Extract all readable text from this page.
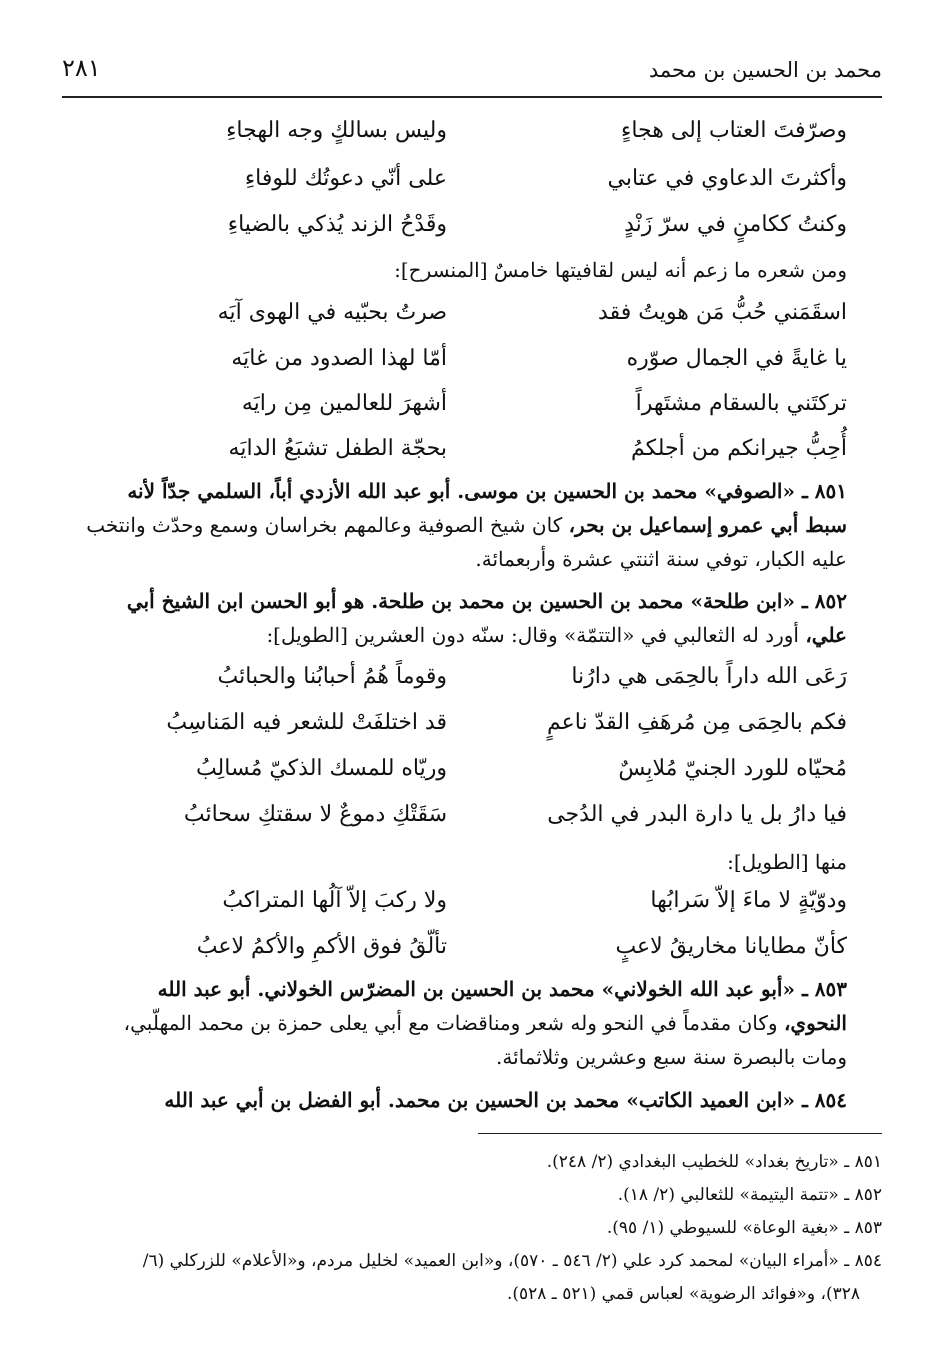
محمد بن الحسين بن محمد
٢٨١
وصرّفتَ العتاب إلى هجاءٍ
وليس بسالكٍ وجه الهجاءِ
وأكثرتَ الدعاوي في عتابي
على أنّي دعوتُك للوفاءِ
وكنتُ ككامنٍ في سرّ زَنْدٍ
وقَدْحُ الزند يُذكي بالضياءِ
ومن شعره ما زعم أنه ليس لقافيتها خامسٌ [المنسرح]:
اسقَمَني حُبُّ مَن هويتُ فقد
صرتُ بحبّيه في الهوى آيَه
يا غايةً في الجمال صوّره
أمّا لهذا الصدود من غايَه
تركتَني بالسقام مشتَهراً
أشهرَ للعالمين مِن رايَه
أُحِبُّ جيرانكم من أجلكمُ
بحجّة الطفل تشبَعُ الدايَه
٨٥١ ـ «الصوفي» محمد بن الحسين بن موسى. أبو عبد الله الأزدي أباً، السلمي جدّاً لأنه
سبط أبي عمرو إسماعيل بن بحر، كان شيخ الصوفية وعالمهم بخراسان وسمع وحدّث وانتخب
عليه الكبار، توفي سنة اثنتي عشرة وأربعمائة.
٨٥٢ ـ «ابن طلحة» محمد بن الحسين بن محمد بن طلحة. هو أبو الحسن ابن الشيخ أبي
علي، أورد له الثعالبي في «التتمّة» وقال: سنّه دون العشرين [الطويل]:
رَعَى الله داراً بالحِمَى هي دارُنا
وقوماً هُمُ أحبابُنا والحبائبُ
فكم بالحِمَى مِن مُرهَفِ القدّ ناعمٍ
قد اختلفَتْ للشعر فيه المَناسِبُ
مُحيّاه للورد الجنيّ مُلابِسٌ
وريّاه للمسك الذكيّ مُسالِبُ
فيا دارُ بل يا دارة البدر في الدُجى
سَقَتْكِ دموعٌ لا سقتكِ سحائبُ
منها [الطويل]:
ودوّيّةٍ لا ماءَ إلاّ سَرابُها
ولا ركبَ إلاّ آلُها المتراكبُ
كأنّ مطايانا مخاريقُ لاعبٍ
تألّقُ فوق الأكمِ والأكمُ لاعبُ
٨٥٣ ـ «أبو عبد الله الخولاني» محمد بن الحسين بن المضرّس الخولاني. أبو عبد الله
النحوي، وكان مقدماً في النحو وله شعر ومناقضات مع أبي يعلى حمزة بن محمد المهلّبي،
ومات بالبصرة سنة سبع وعشرين وثلاثمائة.
٨٥٤ ـ «ابن العميد الكاتب» محمد بن الحسين بن محمد. أبو الفضل بن أبي عبد الله
٨٥١ ـ «تاريخ بغداد» للخطيب البغدادي (٢/ ٢٤٨).
٨٥٢ ـ «تتمة اليتيمة» للثعالبي (٢/ ١٨).
٨٥٣ ـ «بغية الوعاة» للسيوطي (١/ ٩٥).
٨٥٤ ـ «أمراء البيان» لمحمد كرد علي (٢/ ٥٤٦ ـ ٥٧٠)، و«ابن العميد» لخليل مردم، و«الأعلام» للزركلي (٦/
٣٢٨)، و«فوائد الرضوية» لعباس قمي (٥٢١ ـ ٥٢٨).
